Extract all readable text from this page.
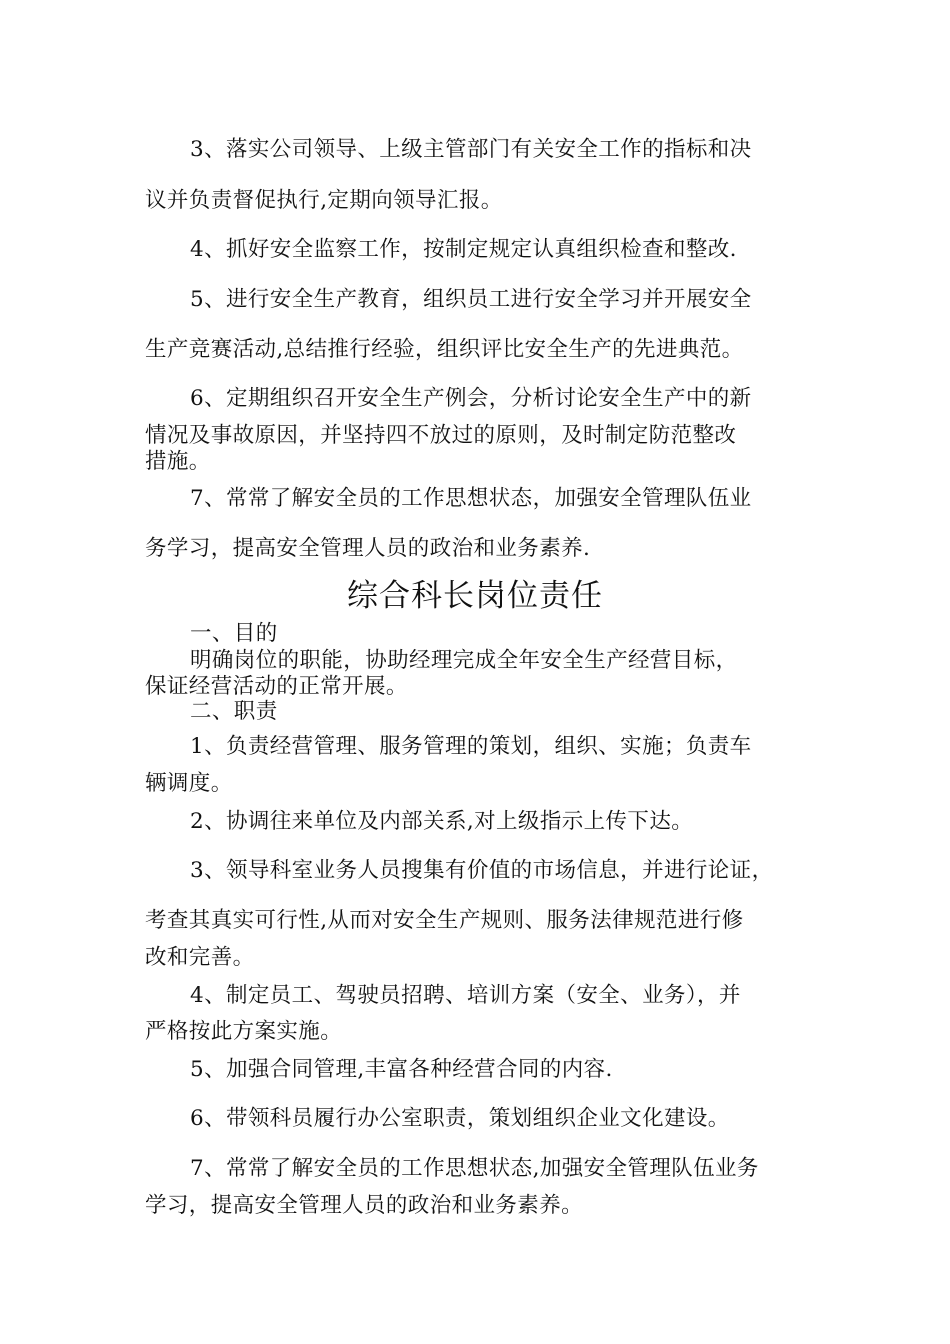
3、落实公司领导、上级主管部门有关安全工作的指标和决
议并负责督促执行,定期向领导汇报。
4、抓好安全监察工作，按制定规定认真组织检查和整改.
5、进行安全生产教育，组织员工进行安全学习并开展安全
生产竞赛活动,总结推行经验，组织评比安全生产的先进典范。
6、定期组织召开安全生产例会，分析讨论安全生产中的新
情况及事故原因，并坚持四不放过的原则，及时制定防范整改
措施。
7、常常了解安全员的工作思想状态，加强安全管理队伍业
务学习，提高安全管理人员的政治和业务素养.
综合科长岗位责任
一、目的
明确岗位的职能，协助经理完成全年安全生产经营目标，
保证经营活动的正常开展。
二、职责
1、负责经营管理、服务管理的策划，组织、实施；负责车
辆调度。
2、协调往来单位及内部关系,对上级指示上传下达。
3、领导科室业务人员搜集有价值的市场信息，并进行论证，
考查其真实可行性,从而对安全生产规则、服务法律规范进行修
改和完善。
4、制定员工、驾驶员招聘、培训方案（安全、业务），并
严格按此方案实施。
5、加强合同管理,丰富各种经营合同的内容.
6、带领科员履行办公室职责，策划组织企业文化建设。
7、常常了解安全员的工作思想状态,加强安全管理队伍业务
学习，提高安全管理人员的政治和业务素养。
